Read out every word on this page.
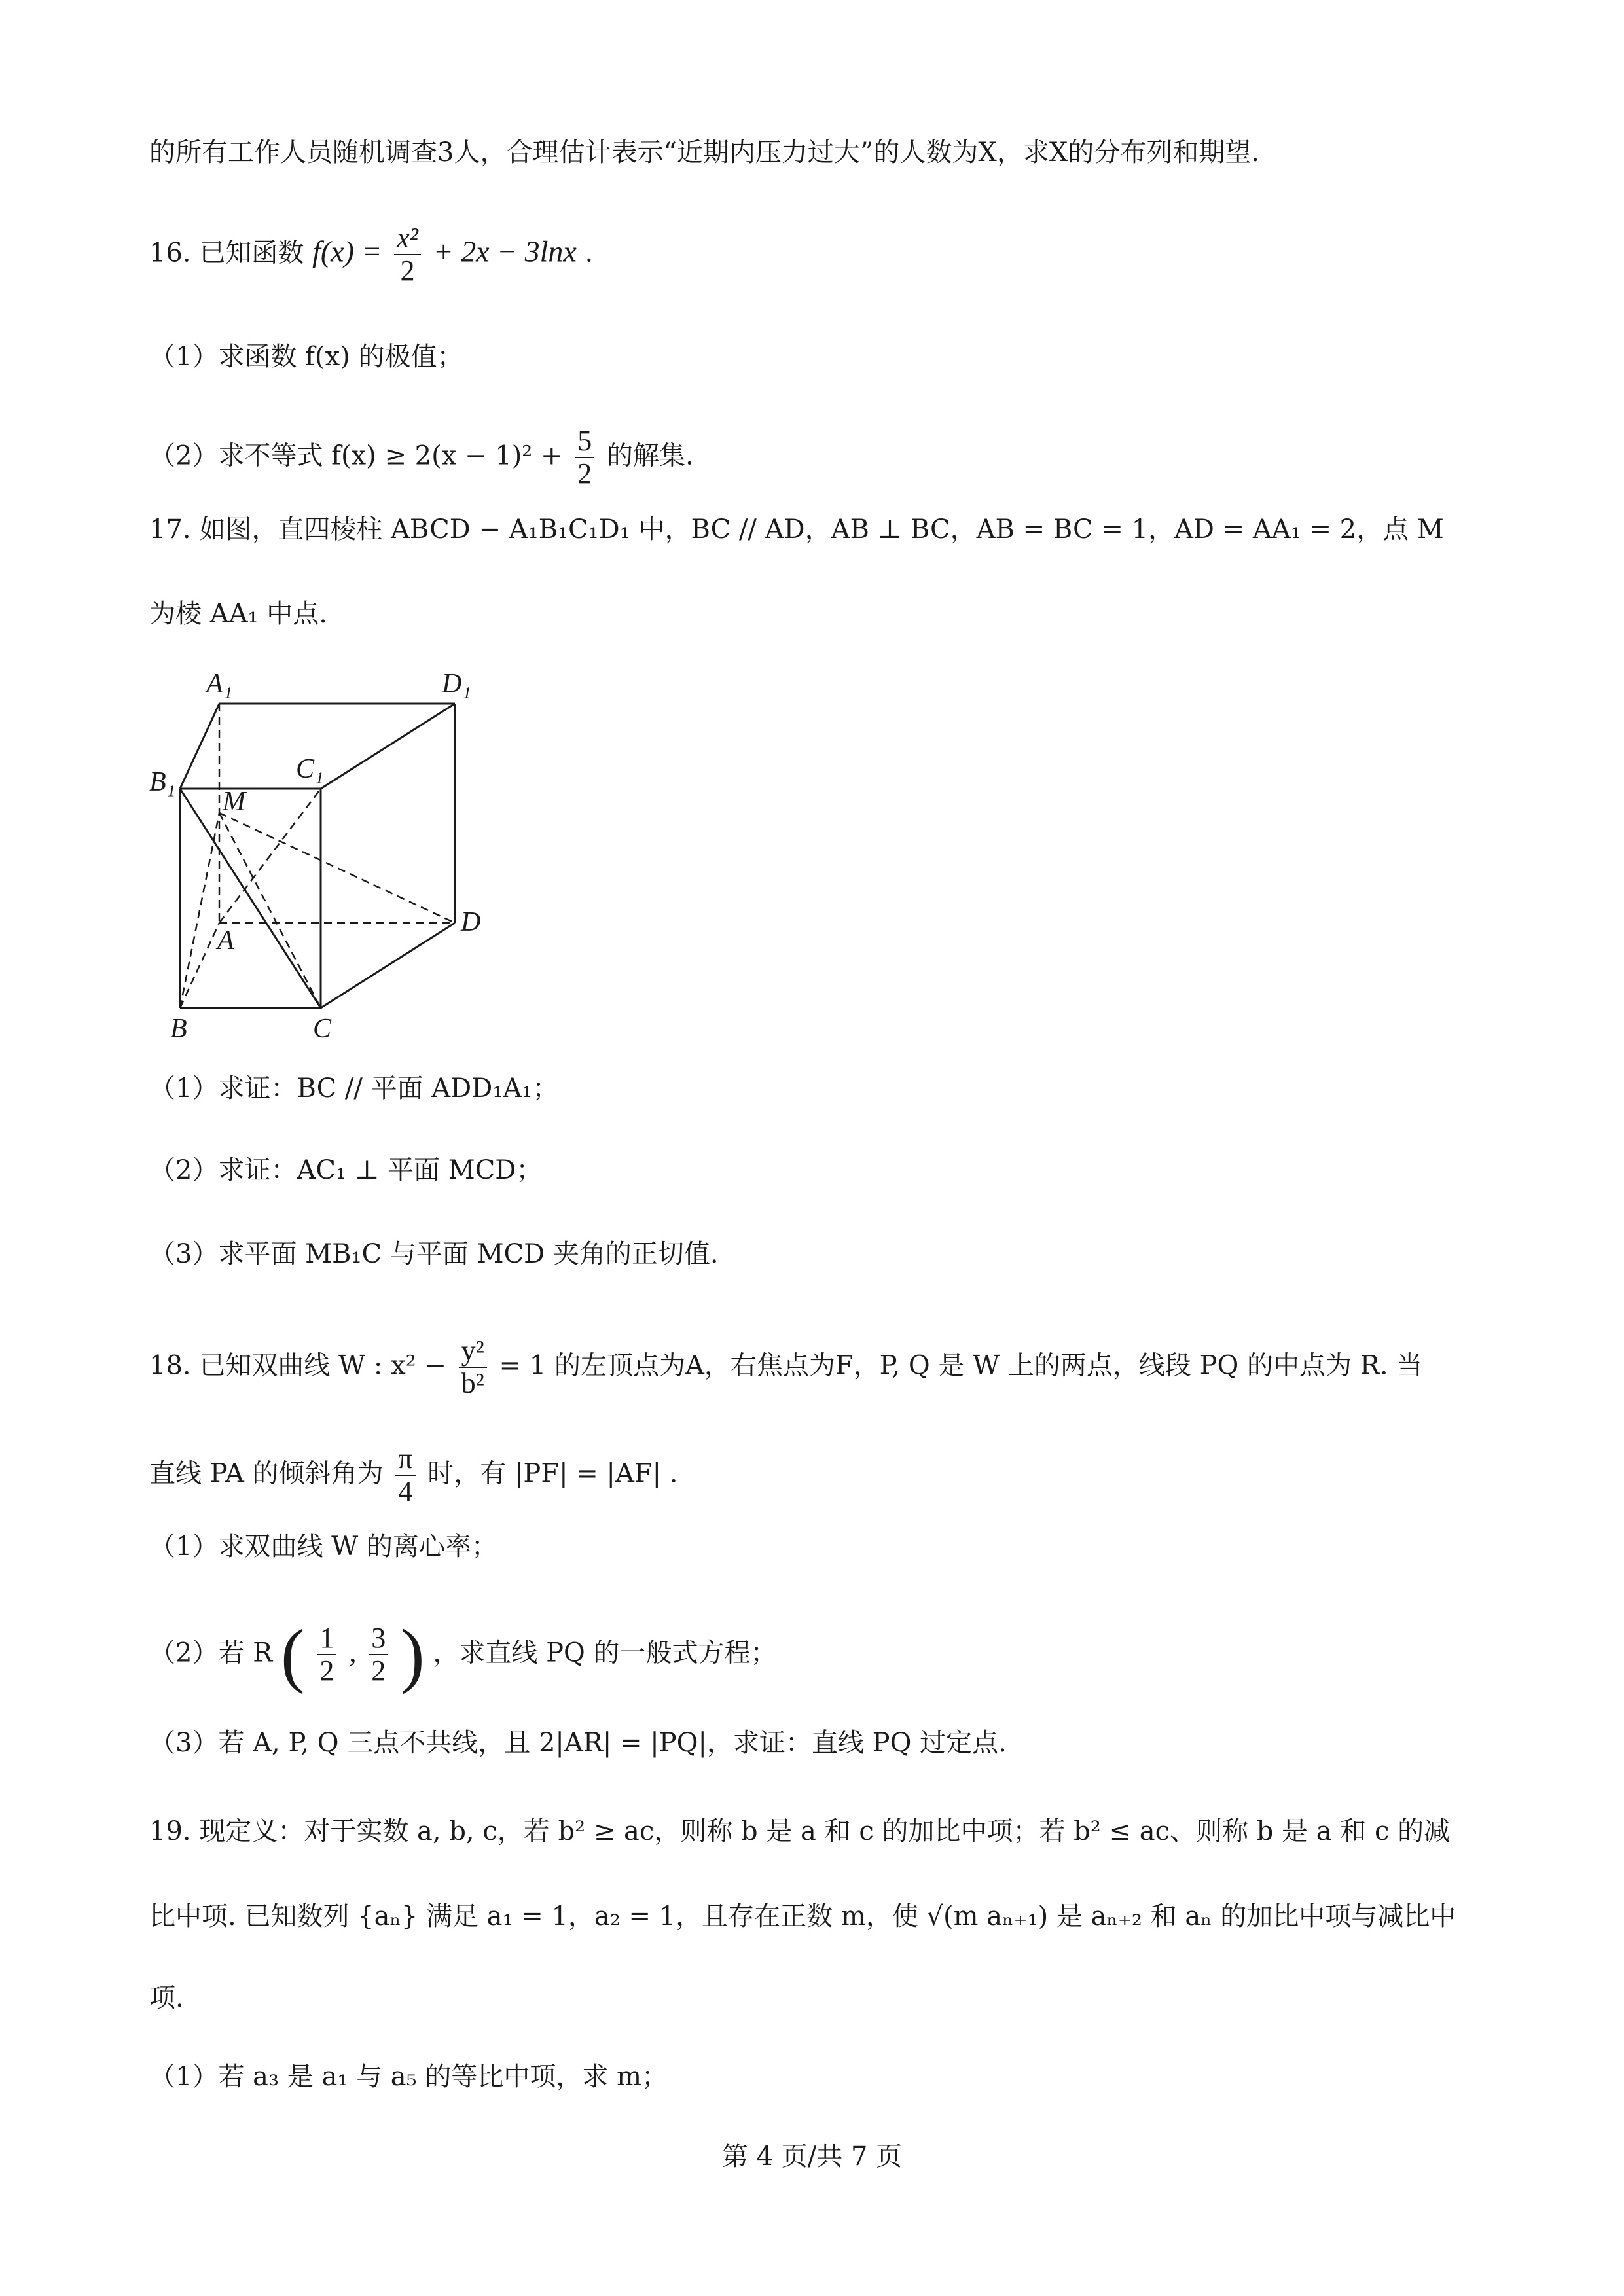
的所有工作人员随机调查3人，合理估计表示“近期内压力过大”的人数为X，求X的分布列和期望.
16. 已知函数 $f(x) = \frac{\text{x²}}{2} + 2x - 3\ln x$ .
（1）求函数 f(x) 的极值；
（2）求不等式 $f(x) \ge 2(x - 1)^2 + \frac{5}{2}$ 的解集.
17. 如图，直四棱柱 ABCD − A₁B₁C₁D₁ 中，BC // AD，AB ⊥ BC，AB = BC = 1，AD = AA₁ = 2，点 M
为棱 AA₁ 中点.
A₁	D₁
B₁	C₁
M
A
D
B	C
（1）求证：BC // 平面 ADD₁A₁；
（2）求证：AC₁ ⊥ 平面 MCD；
（3）求平面 MB₁C 与平面 MCD 夹角的正切值.
18. 已知双曲线 W : $x^2 - \frac{\text{y²}}{\text{b²}} = 1$ 的左顶点为A，右焦点为F，P, Q 是 W 上的两点，线段 PQ 的中点为 R. 当
直线 PA 的倾斜角为 $\frac{\pi}{4}$ 时，有 |PF| = |AF| .
（1）求双曲线 W 的离心率；
（2）若 R ( $\frac{1}{2}$ , $\frac{3}{2}$ ) ，求直线 PQ 的一般式方程；
（3）若 A, P, Q 三点不共线，且 2|AR| = |PQ|，求证：直线 PQ 过定点.
19. 现定义：对于实数 a, b, c，若 b² ≥ ac，则称 b 是 a 和 c 的加比中项；若 b² ≤ ac、则称 b 是 a 和 c 的减
比中项. 已知数列 {aₙ} 满足 a₁ = 1，a₂ = 1，且存在正数 m，使 √(m aₙ₊₁) 是 aₙ₊₂ 和 aₙ 的加比中项与减比中
项.
（1）若 a₃ 是 a₁ 与 a₅ 的等比中项，求 m；
第 4 页/共 7 页
